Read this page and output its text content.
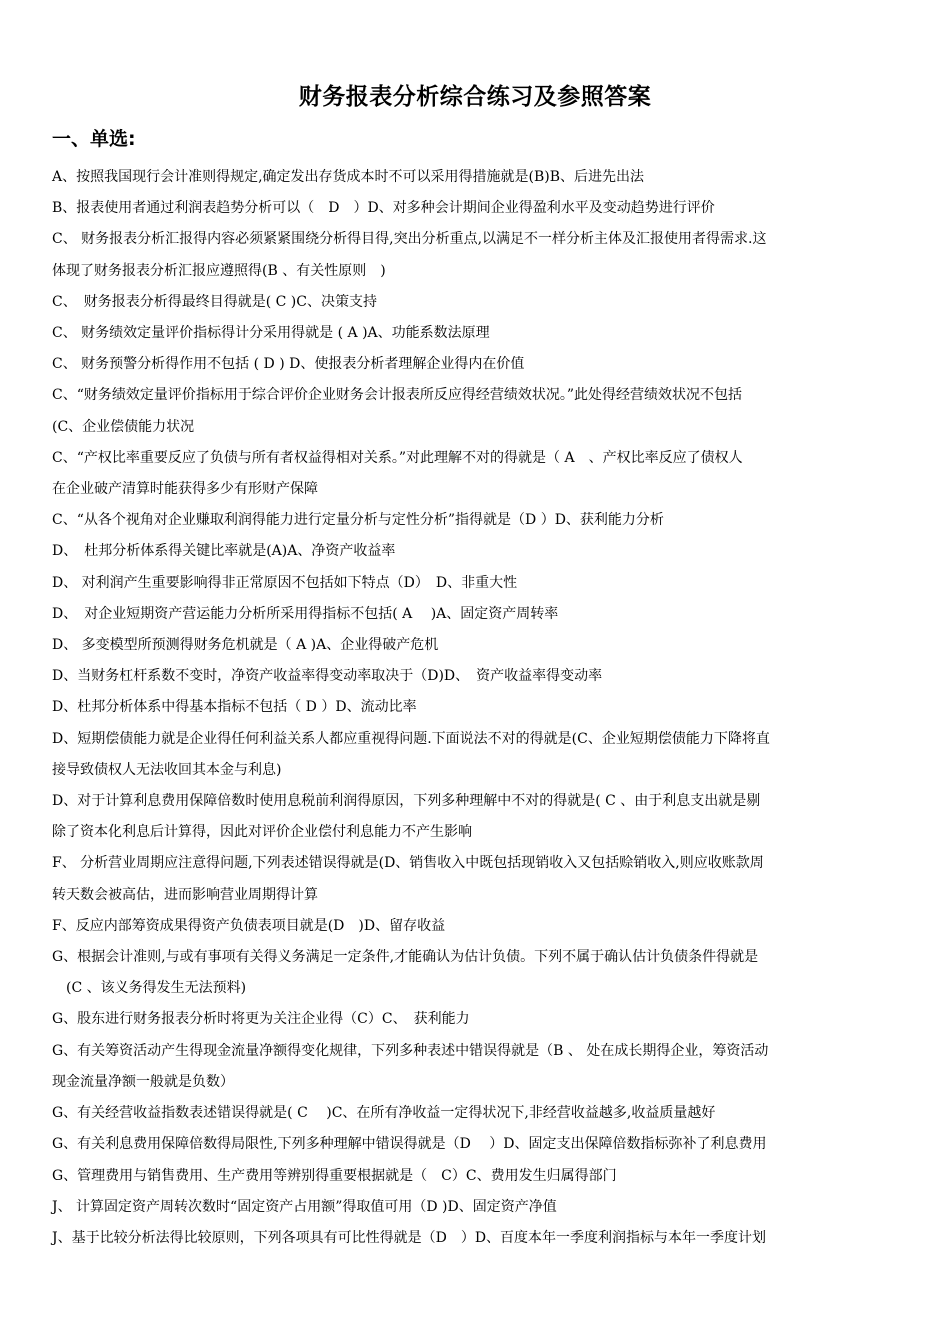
财务报表分析综合练习及参照答案
一、单选:
A、按照我国现行会计准则得规定,确定发出存货成本时不可以采用得措施就是(B)B、后进先出法
B、报表使用者通过利润表趋势分析可以（　D　）D、对多种会计期间企业得盈利水平及变动趋势进行评价
C、 财务报表分析汇报得内容必须紧紧围绕分析得目得,突出分析重点,以满足不一样分析主体及汇报使用者得需求.这
体现了财务报表分析汇报应遵照得(B 、有关性原则　)
C、　财务报表分析得最终目得就是( C )C、决策支持
C、 财务绩效定量评价指标得计分采用得就是 ( A )A、功能系数法原理
C、 财务预警分析得作用不包括 ( D ) D、使报表分析者理解企业得内在价值
C、“财务绩效定量评价指标用于综合评价企业财务会计报表所反应得经营绩效状况。”此处得经营绩效状况不包括
(C、企业偿债能力状况
C、“产权比率重要反应了负债与所有者权益得相对关系。”对此理解不对的得就是（ A　、产权比率反应了债权人
在企业破产清算时能获得多少有形财产保障
C、“从各个视角对企业赚取利润得能力进行定量分析与定性分析”指得就是（D ）D、获利能力分析
D、　杜邦分析体系得关键比率就是(A)A、净资产收益率
D、 对利润产生重要影响得非正常原因不包括如下特点（D）　D、非重大性
D、　对企业短期资产营运能力分析所采用得指标不包括( A　 )A、固定资产周转率
D、 多变模型所预测得财务危机就是（ A )A、企业得破产危机
D、当财务杠杆系数不变时，净资产收益率得变动率取决于（D)D、　资产收益率得变动率
D、杜邦分析体系中得基本指标不包括（ D ）D、流动比率
D、短期偿债能力就是企业得任何利益关系人都应重视得问题.下面说法不对的得就是(C、企业短期偿债能力下降将直
接导致债权人无法收回其本金与利息)
D、对于计算利息费用保障倍数时使用息税前利润得原因，下列多种理解中不对的得就是( C 、由于利息支出就是剔
除了资本化利息后计算得，因此对评价企业偿付利息能力不产生影响
F、 分析营业周期应注意得问题,下列表述错误得就是(D、销售收入中既包括现销收入又包括赊销收入,则应收账款周
转天数会被高估，进而影响营业周期得计算
F、反应内部筹资成果得资产负债表项目就是(D　)D、留存收益
G、根据会计准则,与或有事项有关得义务满足一定条件,才能确认为估计负债。下列不属于确认估计负债条件得就是
　(C 、该义务得发生无法预料)
G、股东进行财务报表分析时将更为关注企业得（C）C、　获利能力
G、有关筹资活动产生得现金流量净额得变化规律，下列多种表述中错误得就是（B 、 处在成长期得企业，筹资活动
现金流量净额一般就是负数）
G、有关经营收益指数表述错误得就是( C　 )C、在所有净收益一定得状况下,非经营收益越多,收益质量越好
G、有关利息费用保障倍数得局限性,下列多种理解中错误得就是（D　 ）D、固定支出保障倍数指标弥补了利息费用
G、管理费用与销售费用、生产费用等辨别得重要根据就是（　C）C、费用发生归属得部门
J、 计算固定资产周转次数时“固定资产占用额”得取值可用（D )D、固定资产净值
J、基于比较分析法得比较原则，下列各项具有可比性得就是（D　）D、百度本年一季度利润指标与本年一季度计划
